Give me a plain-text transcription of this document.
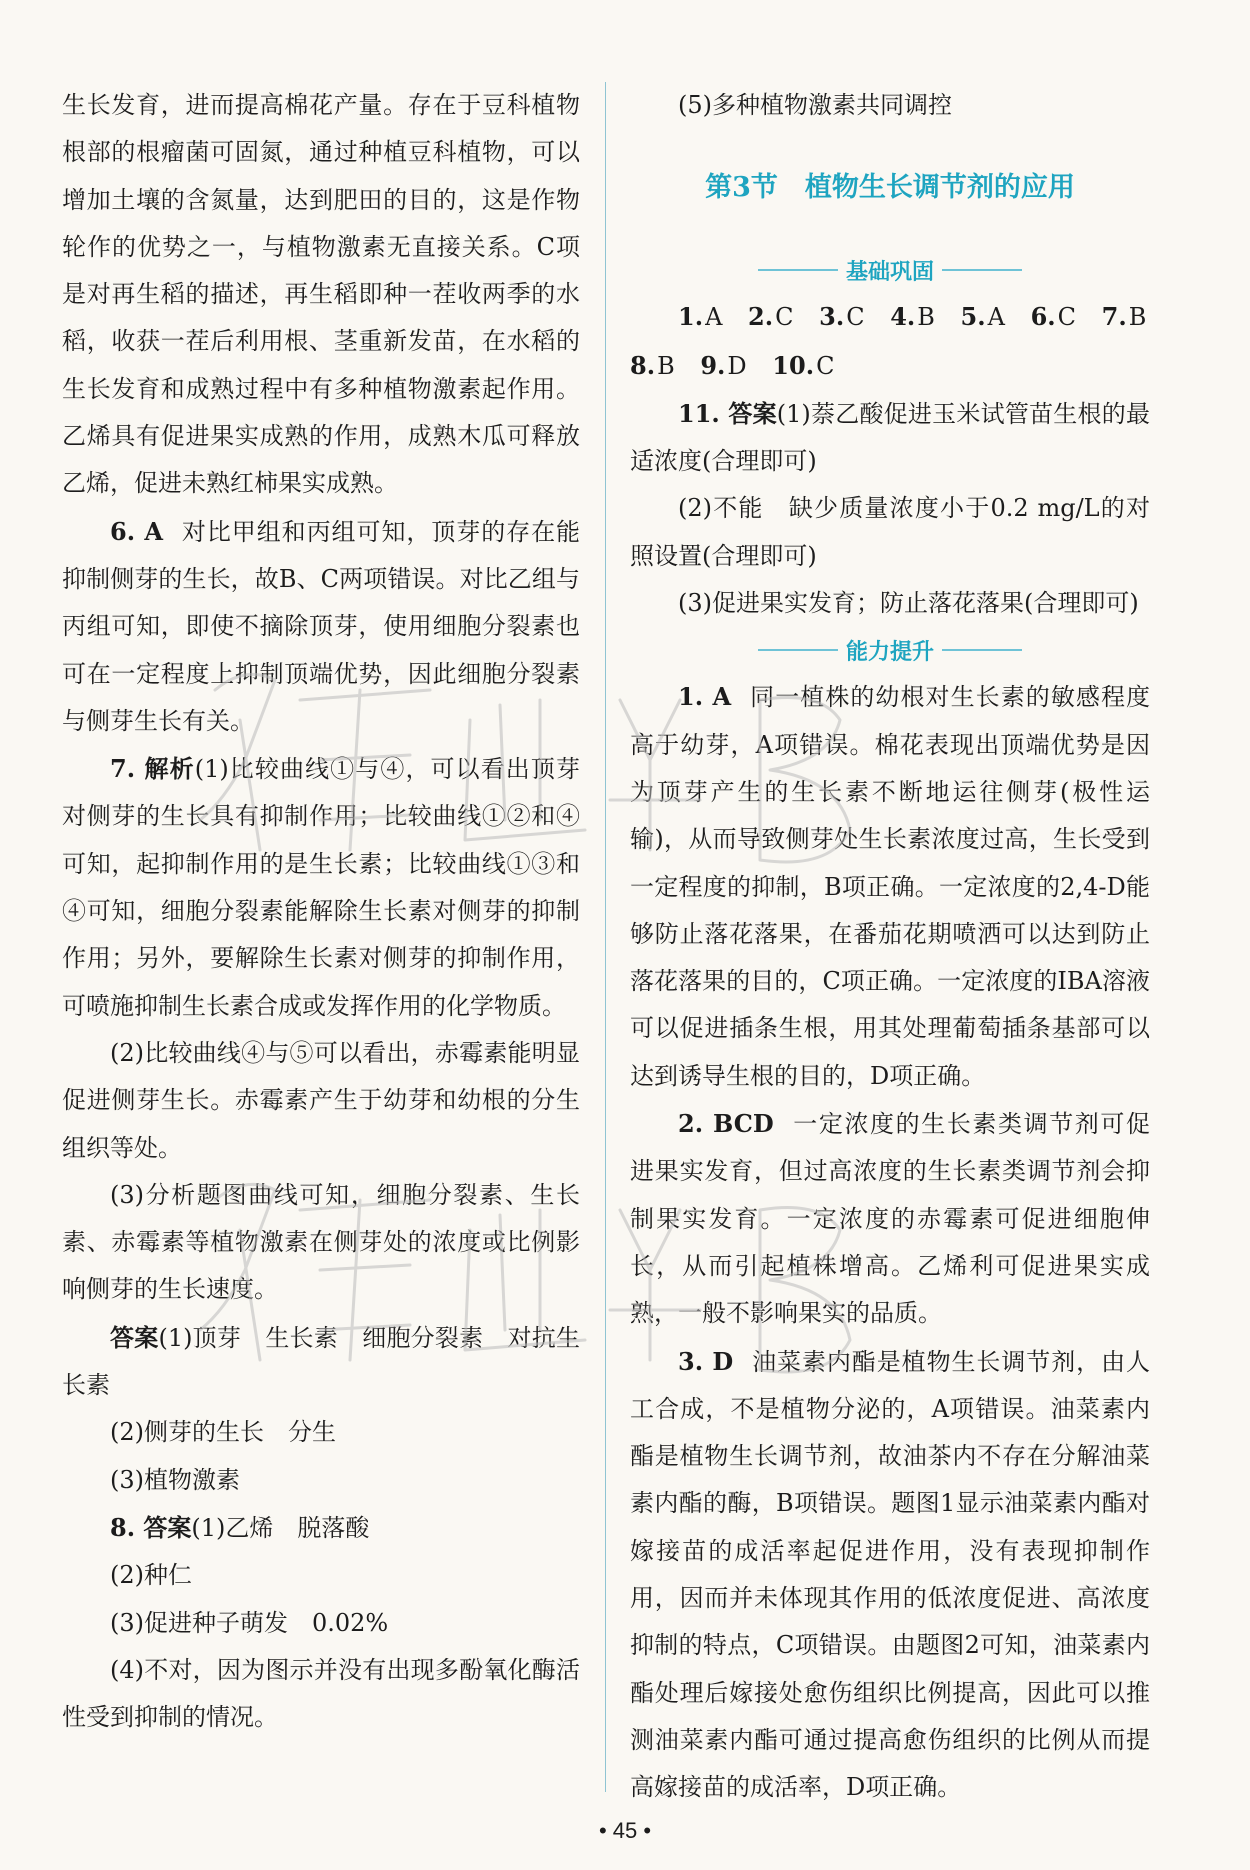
生长发育，进而提高棉花产量。存在于豆科植物根部的根瘤菌可固氮，通过种植豆科植物，可以增加土壤的含氮量，达到肥田的目的，这是作物轮作的优势之一，与植物激素无直接关系。C项是对再生稻的描述，再生稻即种一茬收两季的水稻，收获一茬后利用根、茎重新发苗，在水稻的生长发育和成熟过程中有多种植物激素起作用。乙烯具有促进果实成熟的作用，成熟木瓜可释放乙烯，促进未熟红柿果实成熟。

6. A 对比甲组和丙组可知，顶芽的存在能抑制侧芽的生长，故B、C两项错误。对比乙组与丙组可知，即使不摘除顶芽，使用细胞分裂素也可在一定程度上抑制顶端优势，因此细胞分裂素与侧芽生长有关。

7. 解析(1)比较曲线①与④，可以看出顶芽对侧芽的生长具有抑制作用；比较曲线①②和④可知，起抑制作用的是生长素；比较曲线①③和④可知，细胞分裂素能解除生长素对侧芽的抑制作用；另外，要解除生长素对侧芽的抑制作用，可喷施抑制生长素合成或发挥作用的化学物质。

(2)比较曲线④与⑤可以看出，赤霉素能明显促进侧芽生长。赤霉素产生于幼芽和幼根的分生组织等处。

(3)分析题图曲线可知，细胞分裂素、生长素、赤霉素等植物激素在侧芽处的浓度或比例影响侧芽的生长速度。

答案(1)顶芽　生长素　细胞分裂素　对抗生长素

(2)侧芽的生长　分生

(3)植物激素

8. 答案(1)乙烯　脱落酸

(2)种仁

(3)促进种子萌发　0.02%

(4)不对，因为图示并没有出现多酚氧化酶活性受到抑制的情况。

(5)多种植物激素共同调控

第3节　植物生长调节剂的应用

基础巩固

1.A 2.C 3.C 4.B 5.A 6.C 7.B

8.B 9.D 10.C

11. 答案(1)萘乙酸促进玉米试管苗生根的最适浓度(合理即可)

(2)不能　缺少质量浓度小于0.2 mg/L的对照设置(合理即可)

(3)促进果实发育；防止落花落果(合理即可)

能力提升

1. A 同一植株的幼根对生长素的敏感程度高于幼芽，A项错误。棉花表现出顶端优势是因为顶芽产生的生长素不断地运往侧芽(极性运输)，从而导致侧芽处生长素浓度过高，生长受到一定程度的抑制，B项正确。一定浓度的2,4-D能够防止落花落果，在番茄花期喷洒可以达到防止落花落果的目的，C项正确。一定浓度的IBA溶液可以促进插条生根，用其处理葡萄插条基部可以达到诱导生根的目的，D项正确。

2. BCD 一定浓度的生长素类调节剂可促进果实发育，但过高浓度的生长素类调节剂会抑制果实发育。一定浓度的赤霉素可促进细胞伸长，从而引起植株增高。乙烯利可促进果实成熟，一般不影响果实的品质。

3. D 油菜素内酯是植物生长调节剂，由人工合成，不是植物分泌的，A项错误。油菜素内酯是植物生长调节剂，故油茶内不存在分解油菜素内酯的酶，B项错误。题图1显示油菜素内酯对嫁接苗的成活率起促进作用，没有表现抑制作用，因而并未体现其作用的低浓度促进、高浓度抑制的特点，C项错误。由题图2可知，油菜素内酯处理后嫁接处愈伤组织比例提高，因此可以推测油菜素内酯可通过提高愈伤组织的比例从而提高嫁接苗的成活率，D项正确。

• 45 •
